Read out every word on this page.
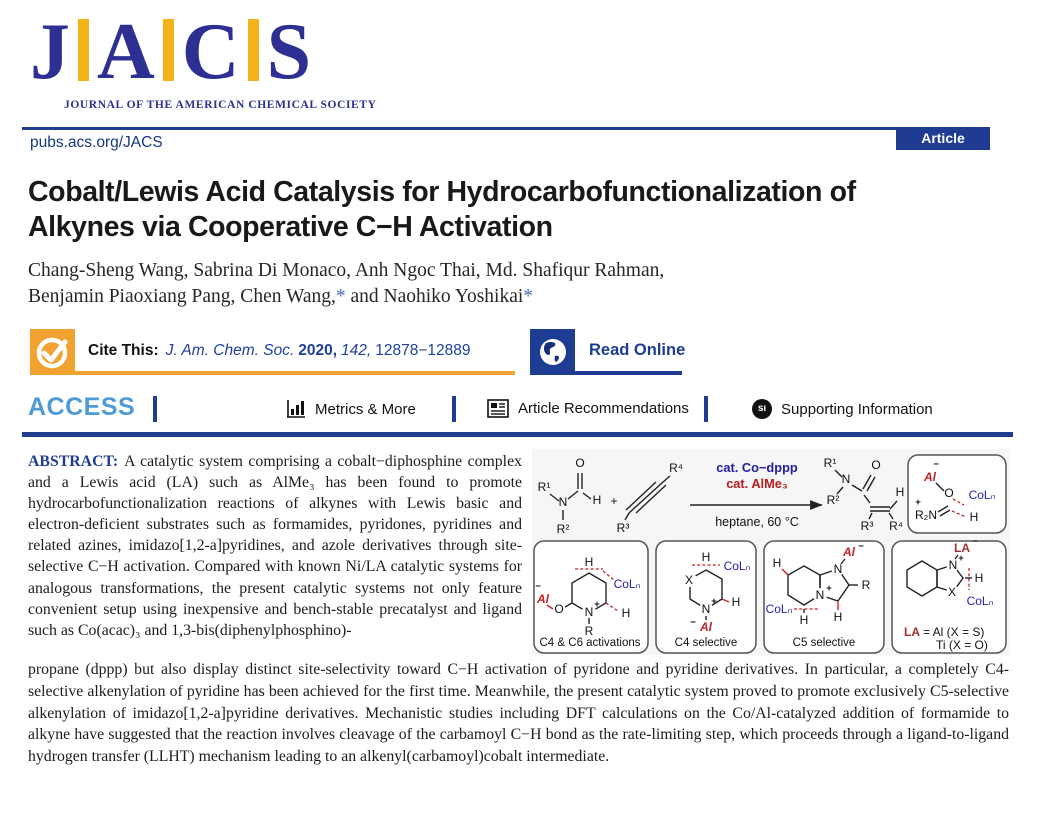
J A C S
JOURNAL OF THE AMERICAN CHEMICAL SOCIETY
pubs.acs.org/JACS	Article
Cobalt/Lewis Acid Catalysis for Hydrocarbofunctionalization of Alkynes via Cooperative C−H Activation
Chang-Sheng Wang, Sabrina Di Monaco, Anh Ngoc Thai, Md. Shafiqur Rahman,
Benjamin Piaoxiang Pang, Chen Wang,* and Naohiko Yoshikai*
Cite This: J. Am. Chem. Soc. 2020, 142, 12878−12889	Read Online
ACCESS	Metrics & More	Article Recommendations	sı Supporting Information

ABSTRACT: A catalytic system comprising a cobalt−diphosphine complex and a Lewis acid (LA) such as AlMe₃ has been found to promote hydrocarbofunctionalization reactions of alkynes with Lewis basic and electron-deficient substrates such as formamides, pyridones, pyridines and related azines, imidazo[1,2-a]pyridines, and azole derivatives through site-selective C−H activation. Compared with known Ni/LA catalytic systems for analogous transformations, the present catalytic systems not only feature convenient setup using inexpensive and bench-stable precatalyst and ligand such as Co(acac)₃ and 1,3-bis(diphenylphosphino)-

propane (dppp) but also display distinct site-selectivity toward C−H activation of pyridone and pyridine derivatives. In particular, a completely C4-selective alkenylation of pyridine has been achieved for the first time. Meanwhile, the present catalytic system proved to promote exclusively C5-selective alkenylation of imidazo[1,2-a]pyridine derivatives. Mechanistic studies including DFT calculations on the Co/Al-catalyzed addition of formamide to alkyne have suggested that the reaction involves cleavage of the carbamoyl C−H bond as the rate-limiting step, which proceeds through a ligand-to-ligand hydrogen transfer (LLHT) mechanism leading to an alkenyl(carbamoyl)cobalt intermediate.

R¹
N
R²
O
H +
R⁴
R³
cat. Co−dppp
cat. AlMe₃
heptane, 60 °C
R¹
N
R²
O
H
R³ R⁴
−
Al
O CoLₙ
+
R₂N	H
H
CoLₙ
N
+
R
O
Al
−
H
C4 & C6 activations
X
N
+
Al
−
H
CoLₙ
H
C4 selective
N +
N
Al −
R
H
H
CoLₙ
H
C5 selective
N +
LA −
X
H
CoLₙ
LA = Al (X = S)
Ti (X = O)
